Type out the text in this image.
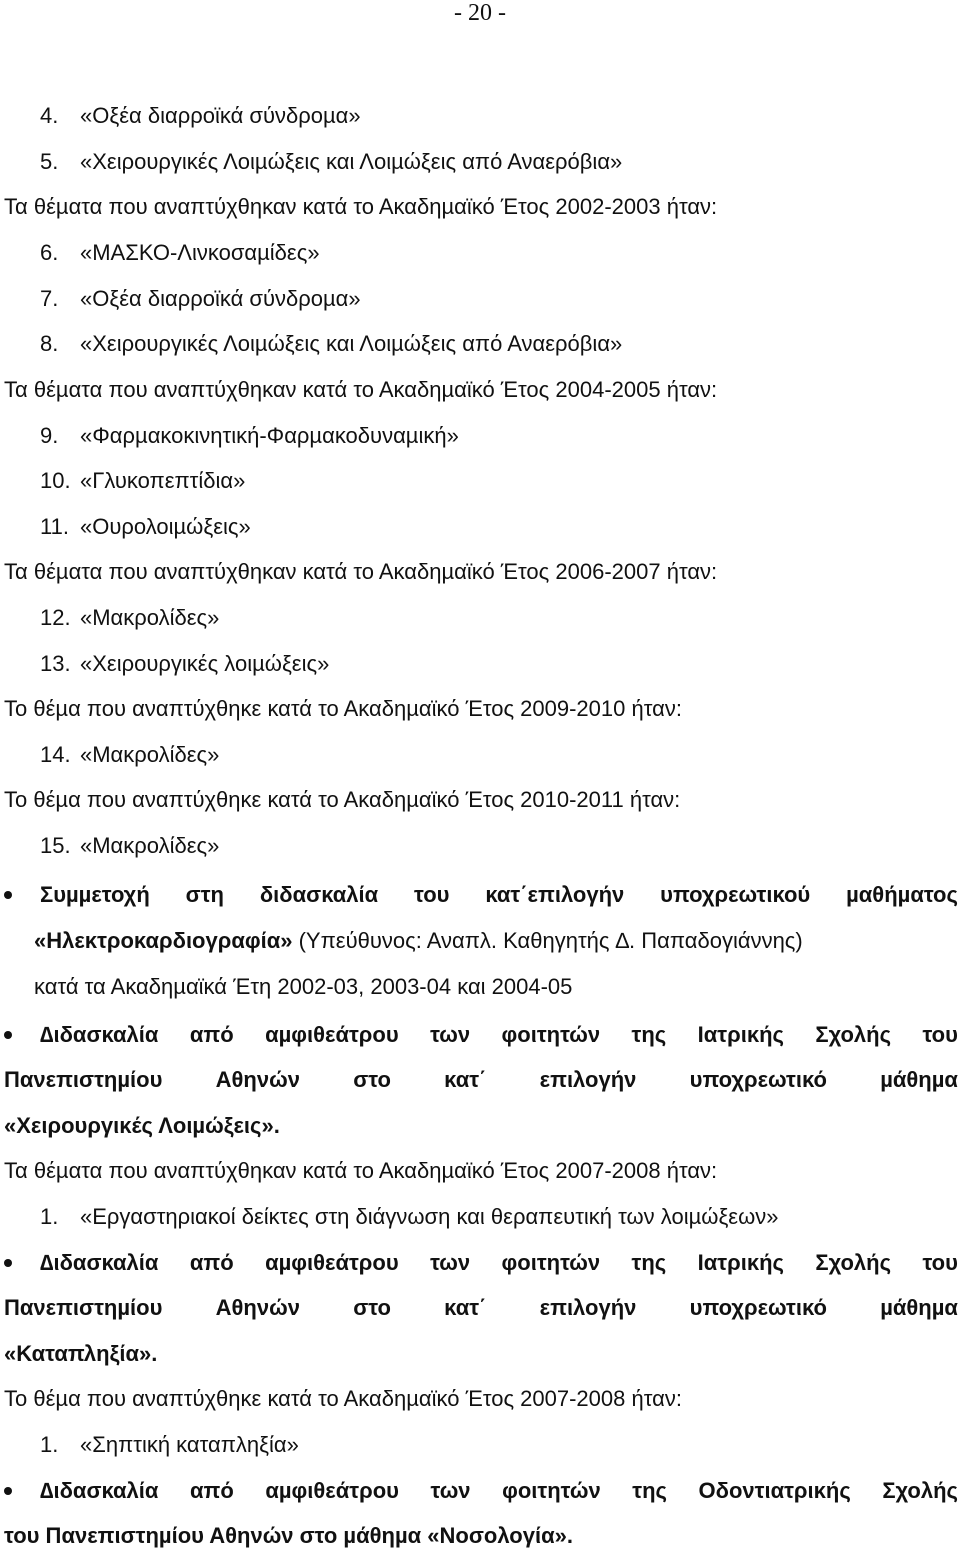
- 20 -
4. «Οξέα διαρροϊκά σύνδροµα»
5. «Χειρουργικές Λοιµώξεις και Λοιµώξεις από Αναερόβια»
Τα θέµατα που αναπτύχθηκαν κατά το Ακαδηµαϊκό Έτος 2002-2003 ήταν:
6. «ΜΑΣΚΟ-Λινκοσαµίδες»
7. «Οξέα διαρροϊκά σύνδροµα»
8. «Χειρουργικές Λοιµώξεις και Λοιµώξεις από Αναερόβια»
Τα θέµατα που αναπτύχθηκαν κατά το Ακαδηµαϊκό Έτος 2004-2005 ήταν:
9. «Φαρµακοκινητική-Φαρµακοδυναµική»
10. «Γλυκοπεπτίδια»
11. «Ουρολοιµώξεις»
Τα θέµατα που αναπτύχθηκαν κατά το Ακαδηµαϊκό Έτος 2006-2007 ήταν:
12. «Μακρολίδες»
13. «Χειρουργικές λοιµώξεις»
Το θέµα που αναπτύχθηκε κατά το Ακαδηµαϊκό Έτος 2009-2010 ήταν:
14. «Μακρολίδες»
Το θέµα που αναπτύχθηκε κατά το Ακαδηµαϊκό Έτος 2010-2011 ήταν:
15. «Μακρολίδες»
Συµµετοχή στη διδασκαλία του κατ΄επιλογήν υποχρεωτικού µαθήµατος
«Ηλεκτροκαρδιογραφία» (Υπεύθυνος: Αναπλ. Καθηγητής ∆. Παπαδογιάννης)
κατά τα Ακαδηµαϊκά Έτη 2002-03, 2003-04 και 2004-05
∆ιδασκαλία από αµφιθεάτρου των φοιτητών της Ιατρικής Σχολής του
Πανεπιστηµίου Αθηνών στο κατ΄ επιλογήν υποχρεωτικό µάθηµα
«Χειρουργικές Λοιµώξεις».
Τα θέµατα που αναπτύχθηκαν κατά το Ακαδηµαϊκό Έτος 2007-2008 ήταν:
1. «Εργαστηριακοί δείκτες στη διάγνωση και θεραπευτική των λοιµώξεων»
∆ιδασκαλία από αµφιθεάτρου των φοιτητών της Ιατρικής Σχολής του
Πανεπιστηµίου Αθηνών στο κατ΄ επιλογήν υποχρεωτικό µάθηµα
«Καταπληξία».
Το θέµα που αναπτύχθηκε κατά το Ακαδηµαϊκό Έτος 2007-2008 ήταν:
1. «Σηπτική καταπληξία»
∆ιδασκαλία από αµφιθεάτρου των φοιτητών της Οδοντιατρικής Σχολής
του Πανεπιστηµίου Αθηνών στο µάθηµα «Νοσολογία».
